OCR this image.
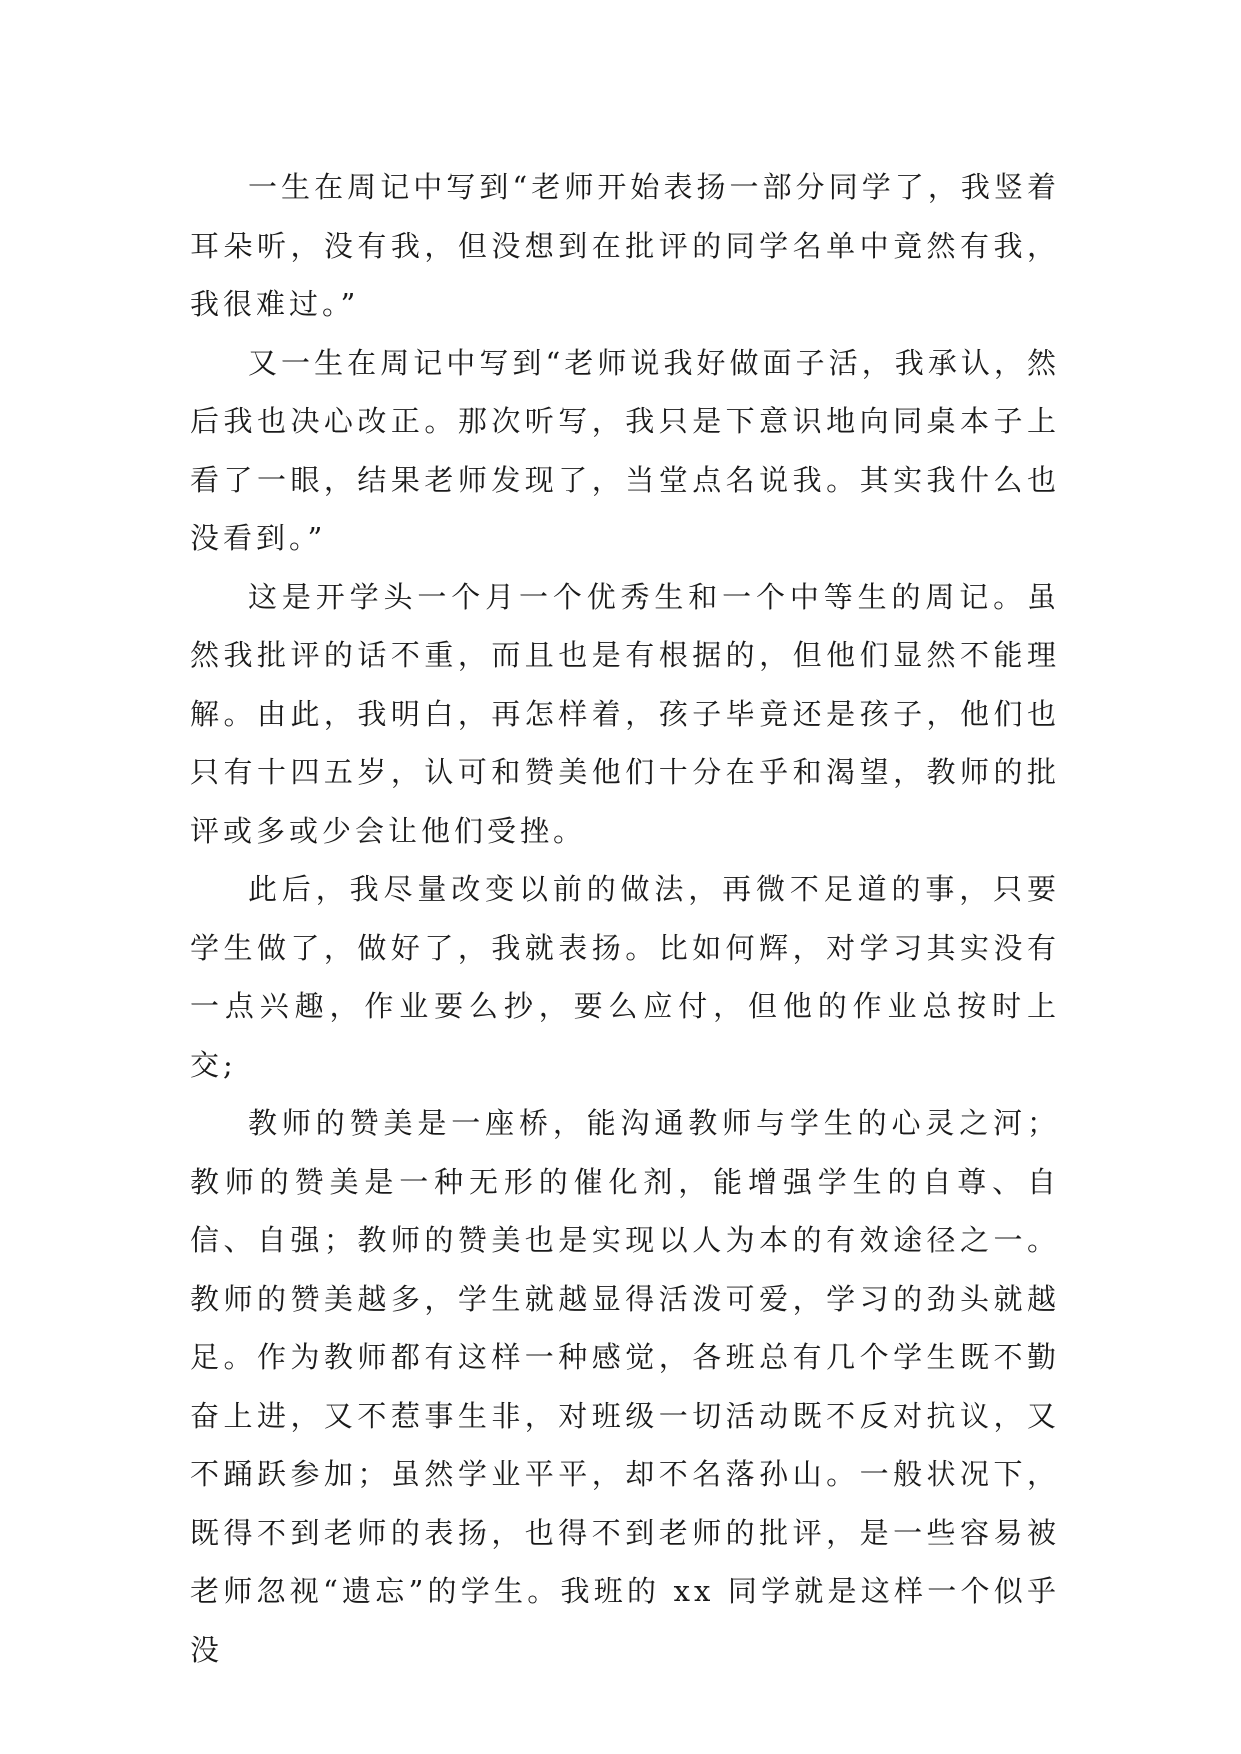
一生在周记中写到“老师开始表扬一部分同学了，我竖着耳朵听，没有我，但没想到在批评的同学名单中竟然有我，我很难过。”

又一生在周记中写到“老师说我好做面子活，我承认，然后我也决心改正。那次听写，我只是下意识地向同桌本子上看了一眼，结果老师发现了，当堂点名说我。其实我什么也没看到。”

这是开学头一个月一个优秀生和一个中等生的周记。虽然我批评的话不重，而且也是有根据的，但他们显然不能理解。由此，我明白，再怎样着，孩子毕竟还是孩子，他们也只有十四五岁，认可和赞美他们十分在乎和渴望，教师的批评或多或少会让他们受挫。

此后，我尽量改变以前的做法，再微不足道的事，只要学生做了，做好了，我就表扬。比如何辉，对学习其实没有一点兴趣，作业要么抄，要么应付，但他的作业总按时上交;

教师的赞美是一座桥，能沟通教师与学生的心灵之河；教师的赞美是一种无形的催化剂，能增强学生的自尊、自信、自强；教师的赞美也是实现以人为本的有效途径之一。教师的赞美越多，学生就越显得活泼可爱，学习的劲头就越足。作为教师都有这样一种感觉，各班总有几个学生既不勤奋上进，又不惹事生非，对班级一切活动既不反对抗议，又不踊跃参加；虽然学业平平，却不名落孙山。一般状况下，既得不到老师的表扬，也得不到老师的批评，是一些容易被老师忽视“遗忘”的学生。我班的 xx 同学就是这样一个似乎没
